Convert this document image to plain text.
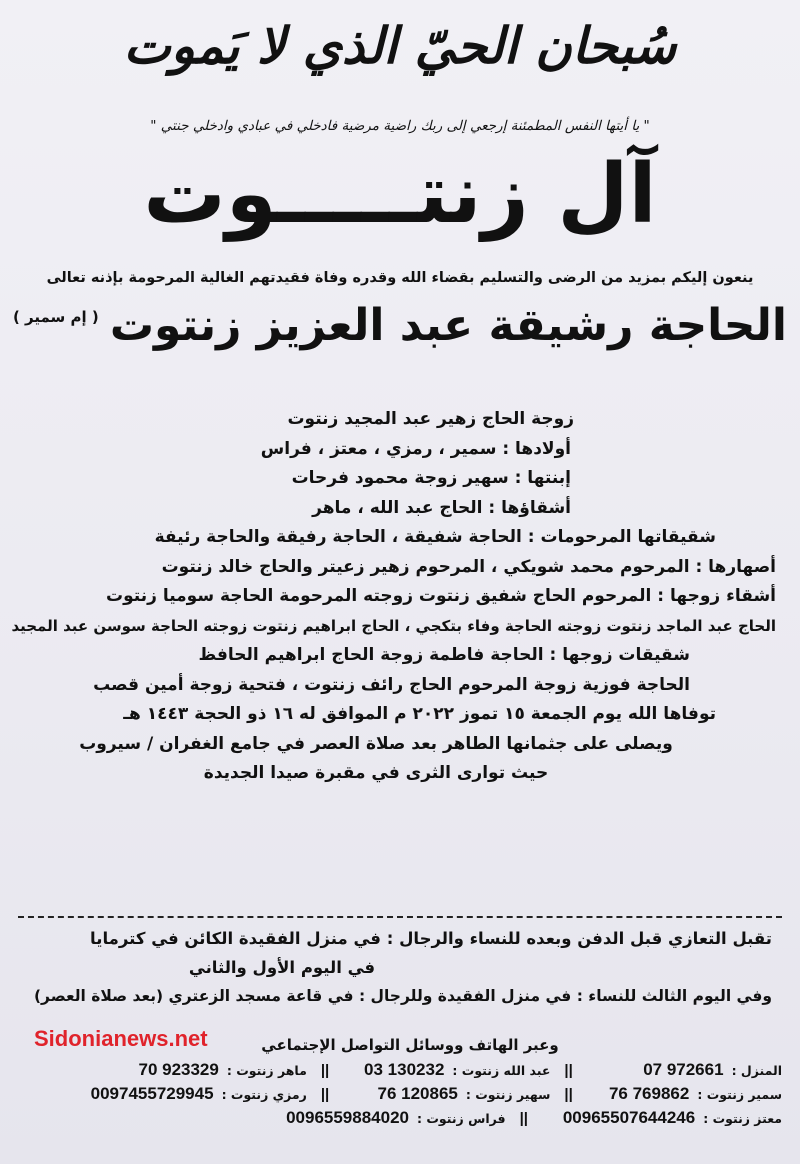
سُبحان الحيّ الذي لا يَموت
" يا أيتها النفس المطمئنة إرجعي إلى ربك راضية مرضية فادخلي في عبادي وادخلي جنتي "
آل زنتـــــوت
ينعون إليكم بمزيد من الرضى والتسليم بقضاء الله وقدره وفاة فقيدتهم الغالية المرحومة بإذنه تعالى
الحاجة رشيقة عبد العزيز زنتوت ( إم سمير )
زوجة الحاج زهير عبد المجيد زنتوت
أولادها : سمير ، رمزي ، معتز ، فراس
إبنتها : سهير زوجة محمود فرحات
أشقاؤها : الحاج عبد الله ، ماهر
شقيقاتها المرحومات : الحاجة شفيقة ، الحاجة رفيقة والحاجة رئيفة
أصهارها : المرحوم محمد شويكي ، المرحوم زهير زعيتر والحاج خالد زنتوت
أشقاء زوجها : المرحوم الحاج شفيق زنتوت زوجته المرحومة الحاجة سوميا زنتوت
الحاج عبد الماجد زنتوت زوجته الحاجة وفاء بتكجي ، الحاج ابراهيم زنتوت زوجته الحاجة سوسن عبد المجيد
شقيقات زوجها : الحاجة فاطمة زوجة الحاج ابراهيم الحافظ
الحاجة فوزية زوجة المرحوم الحاج رائف زنتوت ، فتحية زوجة أمين قصب
توفاها الله يوم الجمعة ١٥ تموز ٢٠٢٢ م الموافق له ١٦ ذو الحجة ١٤٤٣ هـ
ويصلى على جثمانها الطاهر بعد صلاة العصر في جامع الغفران / سيروب
حيث توارى الثرى في مقبرة صيدا الجديدة
تقبل التعازي قبل الدفن وبعده للنساء والرجال : في منزل الفقيدة الكائن في كترمايا
في اليوم الأول والثاني
وفي اليوم الثالث للنساء : في منزل الفقيدة وللرجال : في قاعة مسجد الزعتري (بعد صلاة العصر)
Sidonianews.net	وعبر الهاتف ووسائل التواصل الإجتماعي
المنزل :
07 972661
||
عبد الله زنتوت :
03 130232
||
ماهر زنتوت :
70 923329
سمير زنتوت :
76 769862
||
سهير زنتوت :
76 120865
||
رمزي زنتوت :
0097455729945
معتز زنتوت :
00965507644246
||
فراس زنتوت :
0096559884020
